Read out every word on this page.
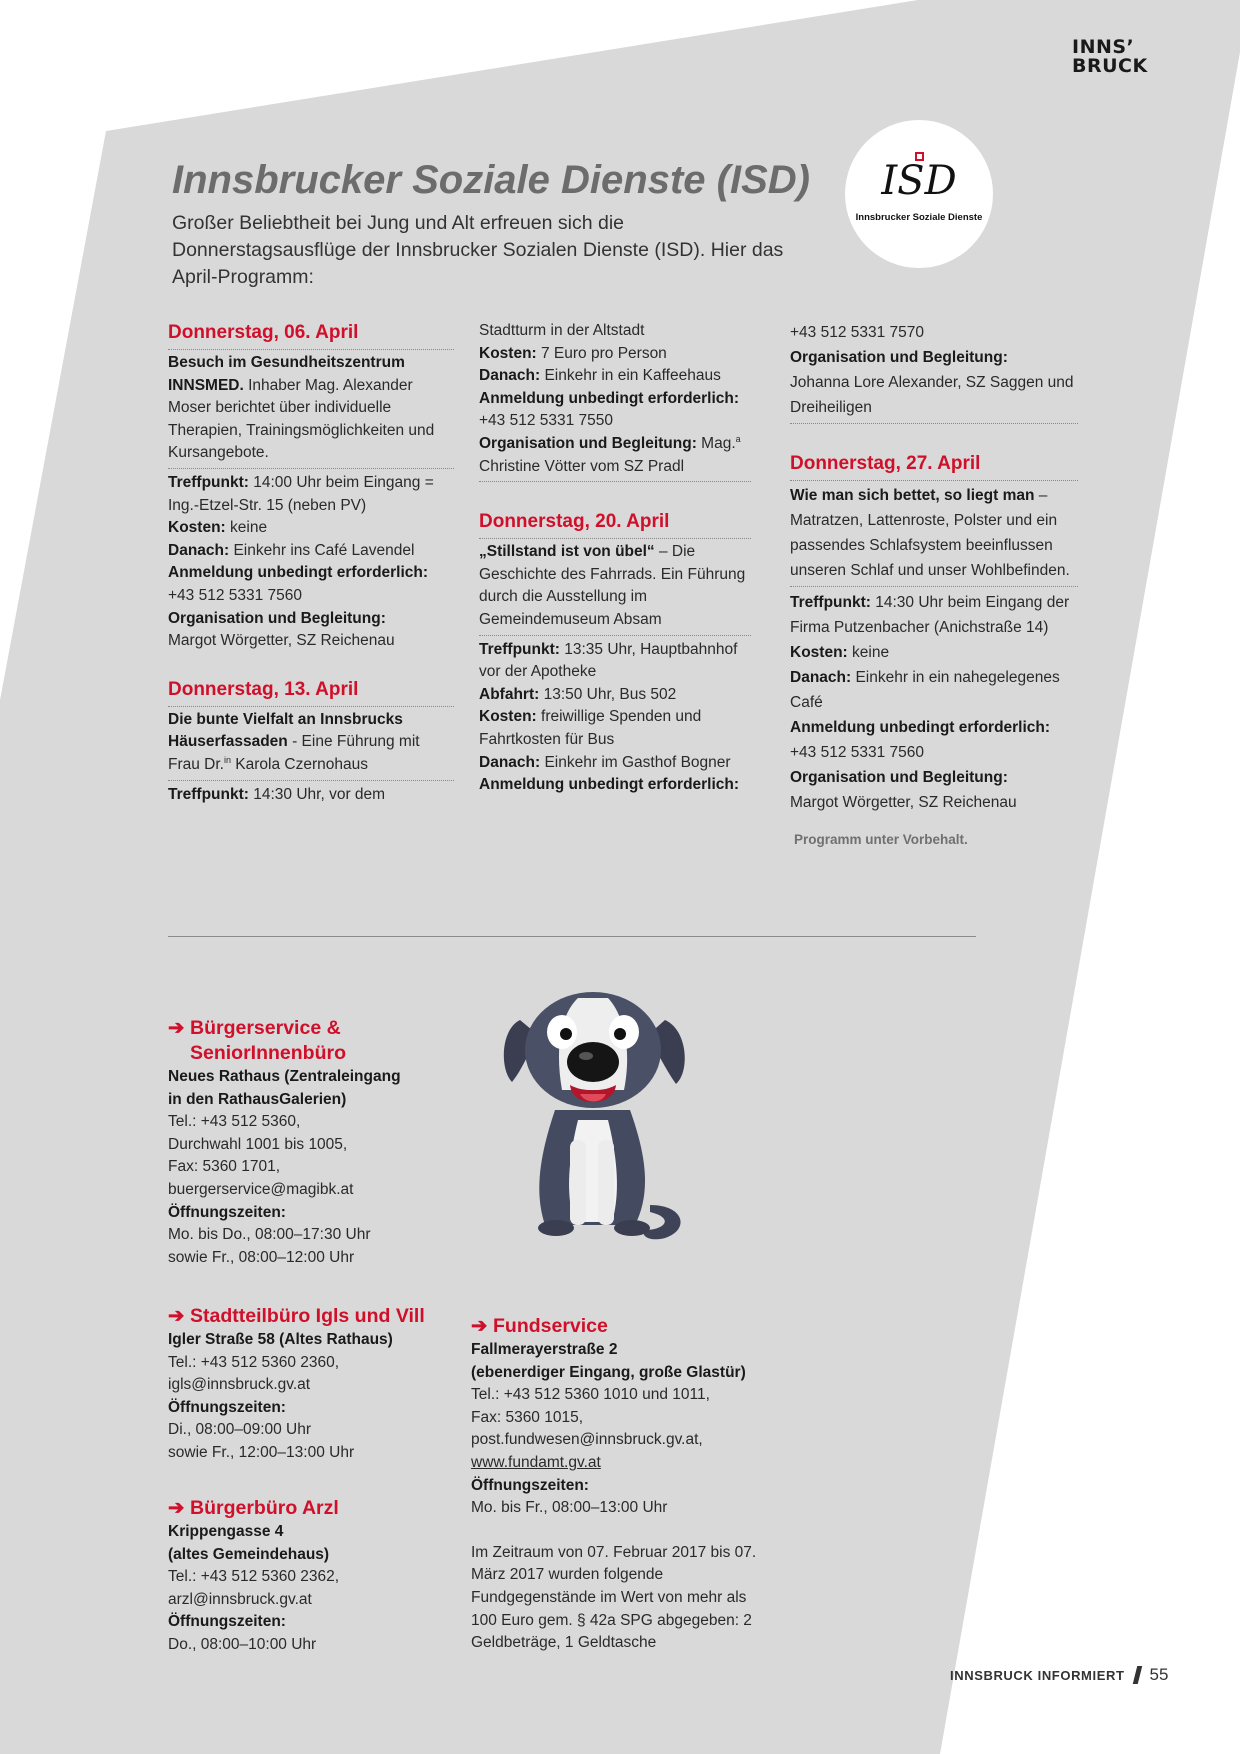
INNS’
BRUCK
Innsbrucker Soziale Dienste (ISD)

Großer Beliebtheit bei Jung und Alt erfreuen sich die Donnerstagsausflüge der Innsbrucker Sozialen Dienste (ISD). Hier das April-Programm:

ISD
Innsbrucker Soziale Dienste

Donnerstag, 06. April

Besuch im Gesundheitszentrum INNSMED. Inhaber Mag. Alexander Moser berichtet über individuelle Therapien, Trainingsmöglichkeiten und Kursangebote.

Treffpunkt: 14:00 Uhr beim Eingang = Ing.-Etzel-Str. 15 (neben PV)

Kosten: keine

Danach: Einkehr ins Café Lavendel

Anmeldung unbedingt erforderlich:

+43 512 5331 7560

Organisation und Begleitung:

Margot Wörgetter, SZ Reichenau

Donnerstag, 13. April

Die bunte Vielfalt an Innsbrucks Häuserfassaden - Eine Führung mit Frau Dr.$^{in}$ Karola Czernohaus

Treffpunkt: 14:30 Uhr, vor dem

Stadtturm in der Altstadt

Kosten: 7 Euro pro Person

Danach: Einkehr in ein Kaffeehaus

Anmeldung unbedingt erforderlich:

+43 512 5331 7550

Organisation und Begleitung: Mag.$^a$

Christine Vötter vom SZ Pradl

Donnerstag, 20. April

„Stillstand ist von übel“ – Die Geschichte des Fahrrads. Ein Führung durch die Ausstellung im Gemeindemuseum Absam

Treffpunkt: 13:35 Uhr, Hauptbahnhof vor der Apotheke

Abfahrt: 13:50 Uhr, Bus 502

Kosten: freiwillige Spenden und Fahrtkosten für Bus

Danach: Einkehr im Gasthof Bogner

Anmeldung unbedingt erforderlich:

+43 512 5331 7570

Organisation und Begleitung:

Johanna Lore Alexander, SZ Saggen und Dreiheiligen

Donnerstag, 27. April

Wie man sich bettet, so liegt man – Matratzen, Lattenroste, Polster und ein passendes Schlafsystem beeinflussen unseren Schlaf und unser Wohlbefinden.

Treffpunkt: 14:30 Uhr beim Eingang der Firma Putzenbacher (Anichstraße 14)

Kosten: keine

Danach: Einkehr in ein nahegelegenes Café

Anmeldung unbedingt erforderlich:

+43 512 5331 7560

Organisation und Begleitung:

Margot Wörgetter, SZ Reichenau

Programm unter Vorbehalt.

➔ Bürgerservice &

SeniorInnenbüro

Neues Rathaus (Zentraleingang

in den RathausGalerien)

Tel.: +43 512 5360,

Durchwahl 1001 bis 1005,

Fax: 5360 1701,

buergerservice@magibk.at

Öffnungszeiten:

Mo. bis Do., 08:00–17:30 Uhr

sowie Fr., 08:00–12:00 Uhr

➔ Stadtteilbüro Igls und Vill

Igler Straße 58 (Altes Rathaus)

Tel.: +43 512 5360 2360,

igls@innsbruck.gv.at

Öffnungszeiten:

Di., 08:00–09:00 Uhr

sowie Fr., 12:00–13:00 Uhr

➔ Bürgerbüro Arzl

Krippengasse 4

(altes Gemeindehaus)

Tel.: +43 512 5360 2362,

arzl@innsbruck.gv.at

Öffnungszeiten:

Do., 08:00–10:00 Uhr

➔ Fundservice

Fallmerayerstraße 2

(ebenerdiger Eingang, große Glastür)

Tel.: +43 512 5360 1010 und 1011,

Fax: 5360 1015,

post.fundwesen@innsbruck.gv.at,

www.fundamt.gv.at

Öffnungszeiten:

Mo. bis Fr., 08:00–13:00 Uhr

Im Zeitraum von 07. Februar 2017 bis 07. März 2017 wurden folgende Fundgegenstände im Wert von mehr als 100 Euro gem. § 42a SPG abgegeben: 2 Geldbeträge, 1 Geldtasche

INNSBRUCK INFORMIERT 55
